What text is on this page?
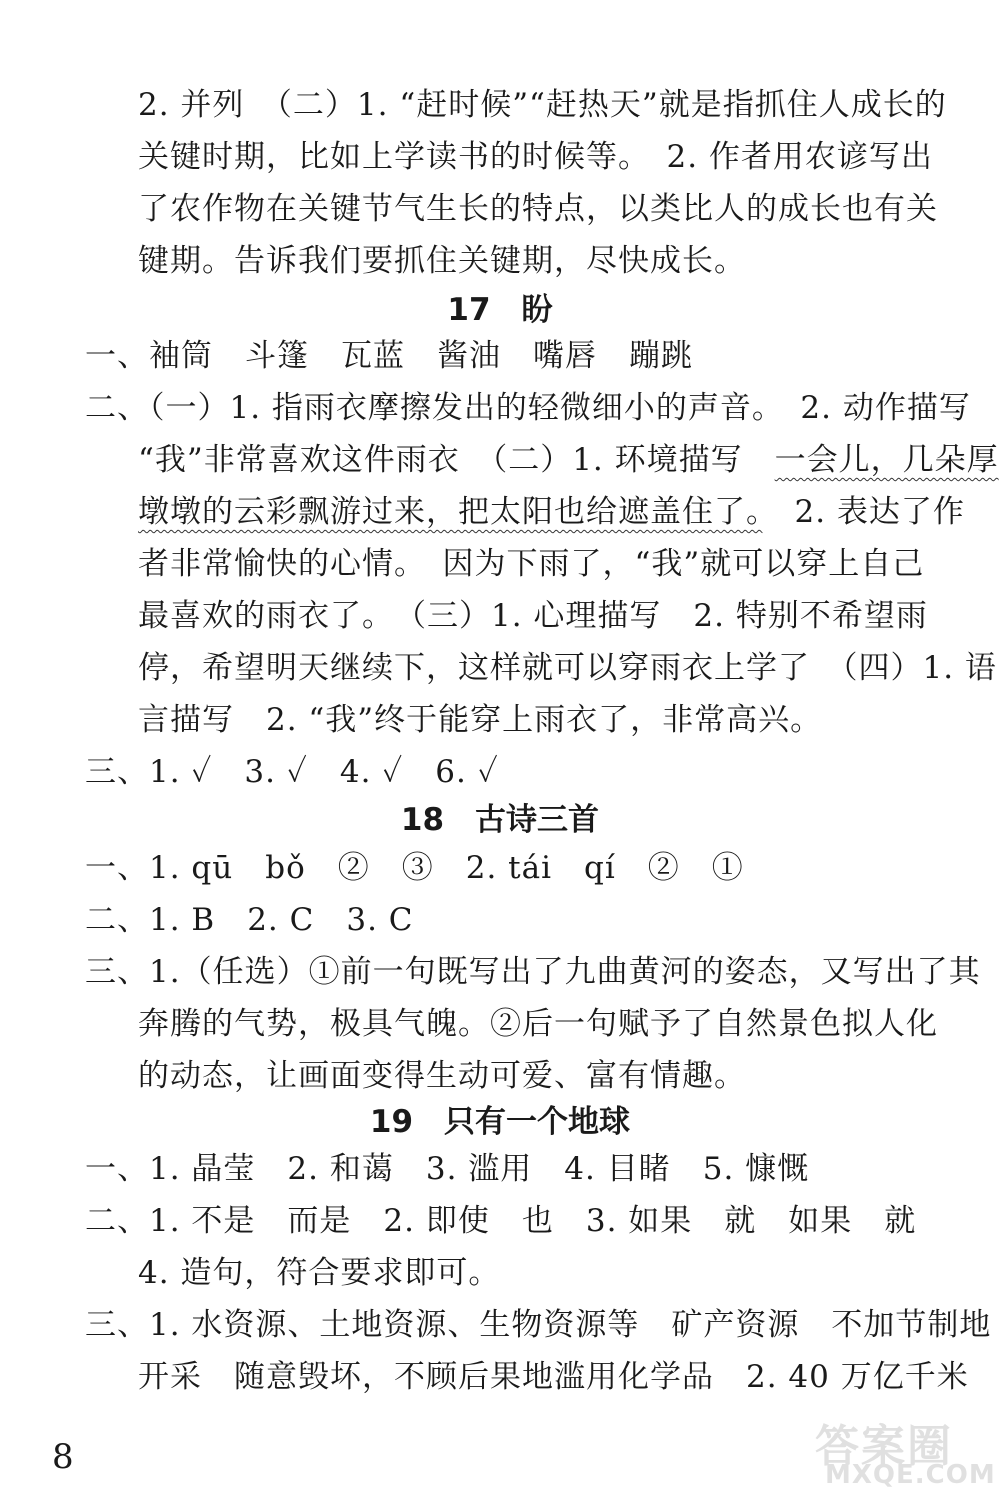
2. 并列　（二）1. “赶时候”“赶热天”就是指抓住人成长的
关键时期，比如上学读书的时候等。　2. 作者用农谚写出
了农作物在关键节气生长的特点，以类比人的成长也有关
键期。告诉我们要抓住关键期，尽快成长。
17　盼
一、袖筒　斗篷　瓦蓝　酱油　嘴唇　蹦跳
二、（一）1. 指雨衣摩擦发出的轻微细小的声音。　2. 动作描写
“我”非常喜欢这件雨衣　（二）1. 环境描写　一会儿，几朵厚
墩墩的云彩飘游过来，把太阳也给遮盖住了。　2. 表达了作
者非常愉快的心情。　因为下雨了，“我”就可以穿上自己
最喜欢的雨衣了。　（三）1. 心理描写　2. 特别不希望雨
停，希望明天继续下，这样就可以穿雨衣上学了　（四）1. 语
言描写　2. “我”终于能穿上雨衣了，非常高兴。
三、1. ✓　3. ✓　4. ✓　6. ✓
18　古诗三首
一、1. qū　bǒ　②　③　2. tái　qí　②　①
二、1. B　2. C　3. C
三、1.（任选）①前一句既写出了九曲黄河的姿态，又写出了其
奔腾的气势，极具气魄。②后一句赋予了自然景色拟人化
的动态，让画面变得生动可爱、富有情趣。
19　只有一个地球
一、1. 晶莹　2. 和蔼　3. 滥用　4. 目睹　5. 慷慨
二、1. 不是　而是　2. 即使　也　3. 如果　就　如果　就
4. 造句，符合要求即可。
三、1. 水资源、土地资源、生物资源等　矿产资源　不加节制地
开采　随意毁坏，不顾后果地滥用化学品　2. 40 万亿千米
8	答案圈
MXQE.COM
